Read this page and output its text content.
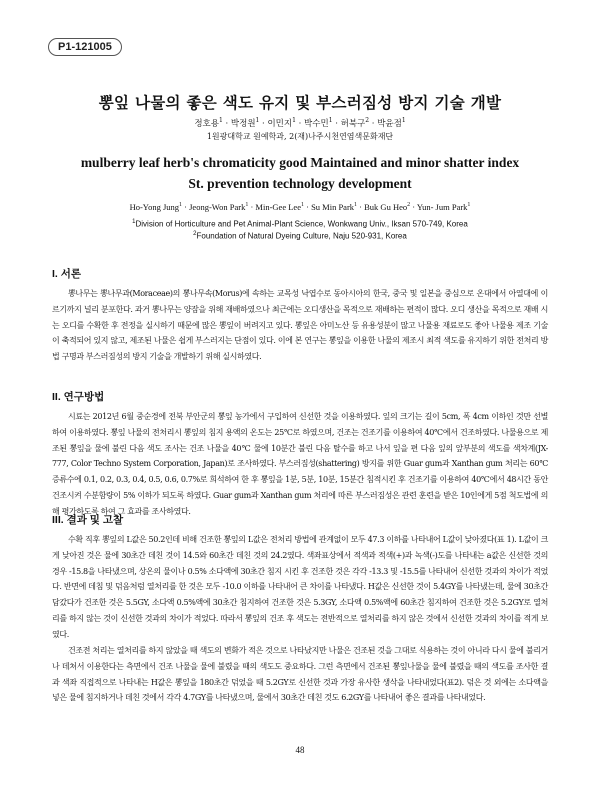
P1-121005
뽕잎 나물의 좋은 색도 유지 및 부스러짐성 방지 기술 개발
정호용$^1$ · 박정원$^1$ · 이민지$^1$ · 박수민$^1$ · 허북구$^2$ · 박윤점$^1$
1원광대학교 원예학과, 2(재)나주시천연염색문화재단
mulberry leaf herb's chromaticity good Maintained and minor shatter index St. prevention technology development
Ho-Yong Jung$^1$ · Jeong-Won Park$^1$ · Min-Gee Lee$^1$ · Su Min Park$^1$ · Buk Gu Heo$^2$ · Yun- Jum Park$^1$
$^1$Division of Horticulture and Pet Animal-Plant Science, Wonkwang Univ., Iksan 570-749, Korea
$^2$Foundation of Natural Dyeing Culture, Naju 520-931, Korea
I. 서론

뽕나무는 뽕나무과(Moraceae)의 뽕나무속(Morus)에 속하는 교목성 낙엽수로 동아시아의 한국, 중국 및 일본을 중심으로 온대에서 아열대에 이르기까지 널리 분포한다. 과거 뽕나무는 양잠을 위해 재배하였으나 최근에는 오디생산을 목적으로 재배하는 편적이 많다. 오디 생산을 목적으로 재배 시는 오디를 수확한 후 전정을 실시하기 때문에 많은 뽕잎이 버려지고 있다. 뽕잎은 아미노산 등 유용성분이 많고 나물용 재료로도 좋아 나물용 제조 기술이 축적되어 있지 않고, 제조된 나물은 쉽게 부스러지는 단점이 있다. 이에 본 연구는 뽕잎을 이용한 나물의 제조시 최적 색도를 유지하기 위한 전처리 방법 구명과 부스러짐성의 방지 기술을 개발하기 위해 실시하였다.

II. 연구방법

시료는 2012년 6월 중순경에 전북 부안군의 뽕잎 농가에서 구입하여 신선한 것을 이용하였다. 잎의 크기는 길이 5cm, 폭 4cm 이하인 것만 선별하여 이용하였다. 뽕잎 나물의 전처리시 뽕잎의 침지 용액의 온도는 25℃로 하였으며, 건조는 건조기를 이용하여 40℃에서 건조하였다. 나물용으로 제조된 뽕잎을 물에 불린 다음 색도 조사는 건조 나물을 40℃ 물에 10분간 불린 다음 탈수를 하고 나서 잎을 편 다음 잎의 앞부분의 색도를 색차계(JX-777, Color Techno System Corporation, Japan)로 조사하였다. 부스러짐성(shattering) 방지를 위한 Guar gum과 Xanthan gum 처리는 60℃증류수에 0.1, 0.2, 0.3, 0.4, 0.5, 0.6, 0.7%로 희석하여 한 후 뽕잎을 1분, 5분, 10분, 15분간 침적시킨 후 건조기를 이용하여 40℃에서 48시간 동안 건조시켜 수분함량이 5% 이하가 되도록 하였다. Guar gum과 Xanthan gum 처리에 따른 부스러짐성은 관련 훈련을 받은 10인에게 5점 척도법에 의해 평가하도록 하여 그 효과를 조사하였다.

III. 결과 및 고찰

수확 직후 뽕잎의 L값은 50.2인데 비해 건조한 뽕잎의 L값은 전처리 방법에 관계없이 모두 47.3 이하를 나타내어 L값이 낮아졌다(표 1). L값이 크게 낮아진 것은 물에 30초간 데친 것이 14.5와 60초간 데친 것의 24.2였다. 색좌표상에서 적색과 적색(+)과 녹색(-)도를 나타내는 a값은 신선한 것의 경우 -15.8을 나타냈으며, 상온의 물이나 0.5% 소다액에 30초간 침지 시킨 후 건조한 것은 각각 -13.3 및 -15.5를 나타내어 신선한 것과의 차이가 적었다. 반면에 데침 및 덖음처럼 열처리를 한 것은 모두 -10.0 이하를 나타내어 큰 차이를 나타냈다. H값은 신선한 것이 5.4GY를 나타냈는데, 물에 30초간 담갔다가 건조한 것은 5.5GY, 소다액 0.5%액에 30초간 침지하여 건조한 것은 5.3GY, 소다액 0.5%액에 60초간 침지하여 건조한 것은 5.2GY로 열처리를 하지 않는 것이 신선한 것과의 차이가 적었다. 따라서 뽕잎의 건조 후 색도는 전반적으로 열처리를 하지 않은 것에서 신선한 것과의 차이를 적게 보였다.

건조전 처리는 열처리를 하지 않았을 때 색도의 변화가 적은 것으로 나타났지만 나물은 건조된 것을 그대로 식용하는 것이 아니라 다시 물에 불리거나 데쳐서 이용한다는 측면에서 건조 나물을 물에 불렸을 때의 색도도 중요하다. 그런 측면에서 건조된 뽕잎나물을 물에 불렸을 때의 색도를 조사한 결과 색좌 직접적으로 나타내는 H값은 뽕잎을 180초간 덖었을 때 5.2GY로 신선한 것과 가장 유사한 생삭을 나타내었다(표2). 덖은 것 외에는 소다액을 넣은 물에 침지하거나 데친 것에서 각각 4.7GY를 나타냈으며, 물에서 30초간 데친 것도 6.2GY를 나타내어 좋은 결과를 나타내었다.

48
